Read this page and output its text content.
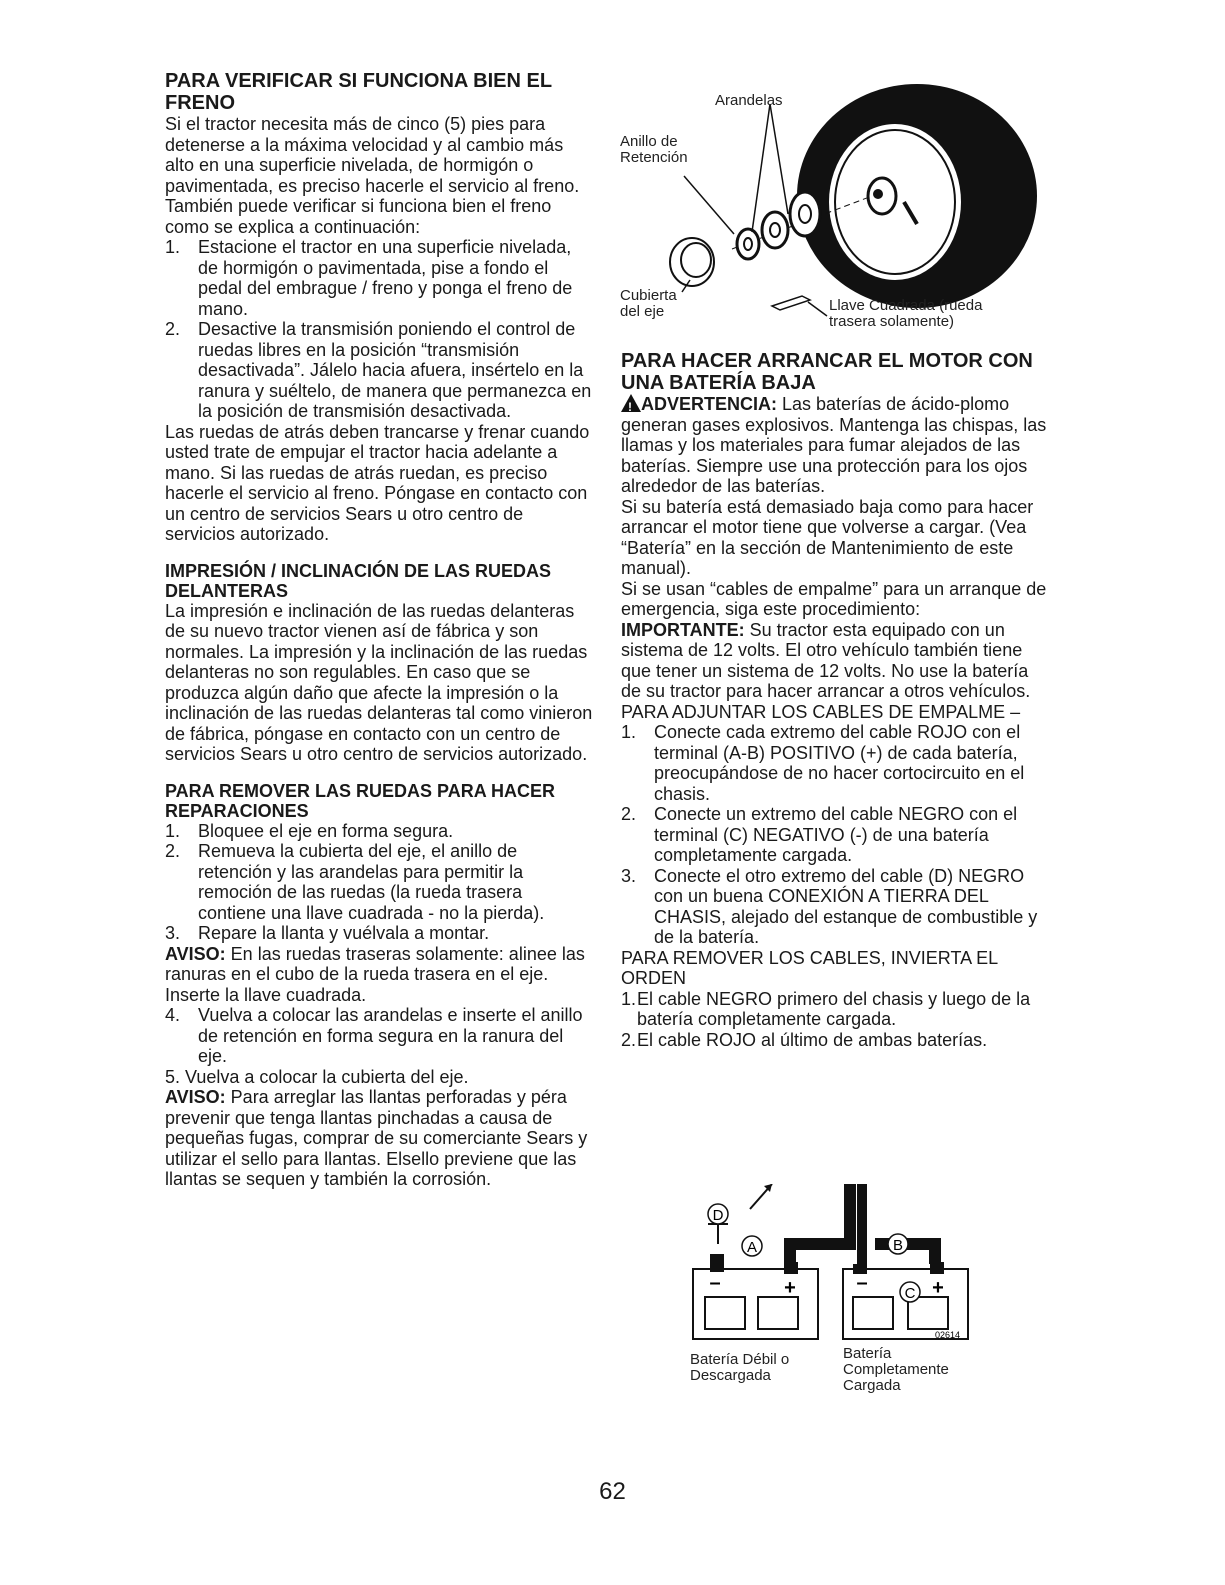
PARA VERIFICAR SI FUNCIONA BIEN EL FRENO

Si el tractor necesita más de cinco (5) pies para detenerse a la máxima velocidad y al cambio más alto en una superficie nivelada, de hormigón o pavimentada, es preciso hacerle el servicio al freno.

También puede verificar si funciona bien el freno como se explica a continuación:

1. Estacione el tractor en una superficie nivelada, de hormigón o pavimentada, pise a fondo el pedal del embrague / freno y ponga el freno de mano.
2. Desactive la transmisión poniendo el control de ruedas libres en la posición “transmisión desactivada”. Jálelo hacia afuera, insértelo en la ranura y suéltelo, de manera que permanezca en la posición de transmisión desactivada.

Las ruedas de atrás deben trancarse y frenar cuando usted trate de empujar el tractor hacia adelante a mano. Si las ruedas de atrás ruedan, es preciso hacerle el servicio al freno. Póngase en contacto con un centro de servicios Sears u otro centro de servicios autorizado.

IMPRESIÓN / INCLINACIÓN DE LAS RUEDAS DELANTERAS

La impresión e inclinación de las ruedas delanteras de su nuevo tractor vienen así de fábrica y son normales. La impresión y la inclinación de las ruedas delanteras no son regulables. En caso que se produzca algún daño que afecte la impresión o la inclinación de las ruedas delanteras tal como vinieron de fábrica, póngase en contacto con un centro de servicios Sears u otro centro de servicios autorizado.

PARA REMOVER LAS RUEDAS PARA HACER REPARACIONES
1. Bloquee el eje en forma segura.
2. Remueva la cubierta del eje, el anillo de retención y las arandelas para permitir la remoción de las ruedas (la rueda trasera contiene una llave cuadrada - no la pierda).
3. Repare la llanta y vuélvala a montar.

AVISO: En las ruedas traseras solamente: alinee las ranuras en el cubo de la rueda trasera en el eje. Inserte la llave cuadrada.

4. Vuelva a colocar las arandelas e inserte el anillo de retención en forma segura en la ranura del eje.

5. Vuelva a colocar la cubierta del eje.

AVISO: Para arreglar las llantas perforadas y péra prevenir que tenga llantas pinchadas a causa de pequeñas fugas, comprar de su comerciante Sears y utilizar el sello para llantas. Elsello previene que las llantas se sequen y también la corrosión.

Arandelas
Anillo de Retención
Cubierta del eje	Llave Cuadrada (rueda trasera solamente)
PARA HACER ARRANCAR EL MOTOR CON UNA BATERÍA BAJA

! ADVERTENCIA: Las baterías de ácido-plomo generan gases explosivos. Mantenga las chispas, las llamas y los materiales para fumar alejados de las baterías. Siempre use una protección para los ojos alrededor de las baterías.

Si su batería está demasiado baja como para hacer arrancar el motor tiene que volverse a cargar. (Vea “Batería” en la sección de Mantenimiento de este manual).

Si se usan “cables de empalme” para un arranque de emergencia, siga este procedimiento:

IMPORTANTE: Su tractor esta equipado con un sistema de 12 volts. El otro vehículo también tiene que tener un sistema de 12 volts. No use la batería de su tractor para hacer arrancar a otros vehículos.

PARA ADJUNTAR LOS CABLES DE EMPALME –

1. Conecte cada extremo del cable ROJO con el terminal (A-B) POSITIVO (+) de cada batería, preocupándose de no hacer cortocircuito en el chasis.
2. Conecte un extremo del cable NEGRO con el terminal (C) NEGATIVO (-) de una batería completamente cargada.
3. Conecte el otro extremo del cable (D) NEGRO con un buena CONEXIÓN A TIERRA DEL CHASIS, alejado del estanque de combustible y de la batería.

PARA REMOVER LOS CABLES, INVIERTA EL ORDEN

1. El cable NEGRO primero del chasis y luego de la batería completamente cargada.
2. El cable ROJO al último de ambas baterías.
D
A	B
C
–	+	–	+
02614
Batería Débil o Descargada
Batería Completamente Cargada
62
